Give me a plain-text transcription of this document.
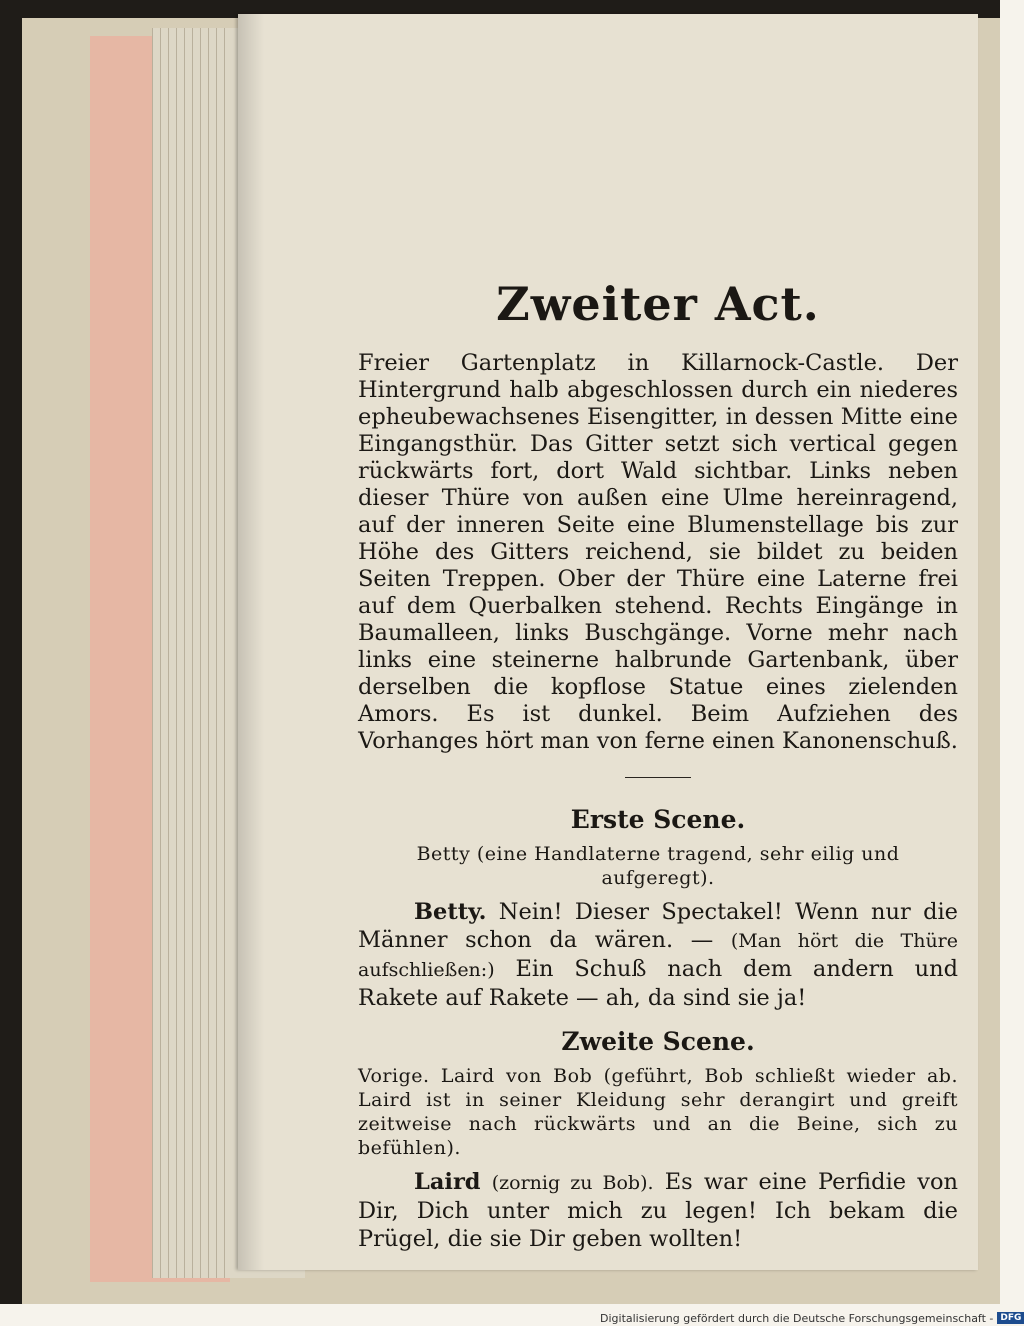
Zweiter Act.

Freier Gartenplatz in Killarnock-Castle. Der Hintergrund halb abgeschlossen durch ein niederes epheubewachsenes Eisengitter, in dessen Mitte eine Eingangsthür. Das Gitter setzt sich vertical gegen rückwärts fort, dort Wald sichtbar. Links neben dieser Thüre von außen eine Ulme hereinragend, auf der inneren Seite eine Blumenstellage bis zur Höhe des Gitters reichend, sie bildet zu beiden Seiten Treppen. Ober der Thüre eine Laterne frei auf dem Querbalken stehend. Rechts Eingänge in Baumalleen, links Buschgänge. Vorne mehr nach links eine steinerne halbrunde Gartenbank, über derselben die kopflose Statue eines zielenden Amors. Es ist dunkel. Beim Aufziehen des Vorhanges hört man von ferne einen Kanonenschuß.

Erste Scene.

Betty (eine Handlaterne tragend, sehr eilig und aufgeregt).

Betty. Nein! Dieser Spectakel! Wenn nur die Männer schon da wären. — (Man hört die Thüre aufschließen:) Ein Schuß nach dem andern und Rakete auf Rakete — ah, da sind sie ja!

Zweite Scene.

Vorige. Laird von Bob (geführt, Bob schließt wieder ab. Laird ist in seiner Kleidung sehr derangirt und greift zeitweise nach rückwärts und an die Beine, sich zu befühlen).

Laird (zornig zu Bob). Es war eine Perfidie von Dir, Dich unter mich zu legen! Ich bekam die Prügel, die sie Dir geben wollten!

Digitalisierung gefördert durch die Deutsche Forschungsgemeinschaft - DFG
